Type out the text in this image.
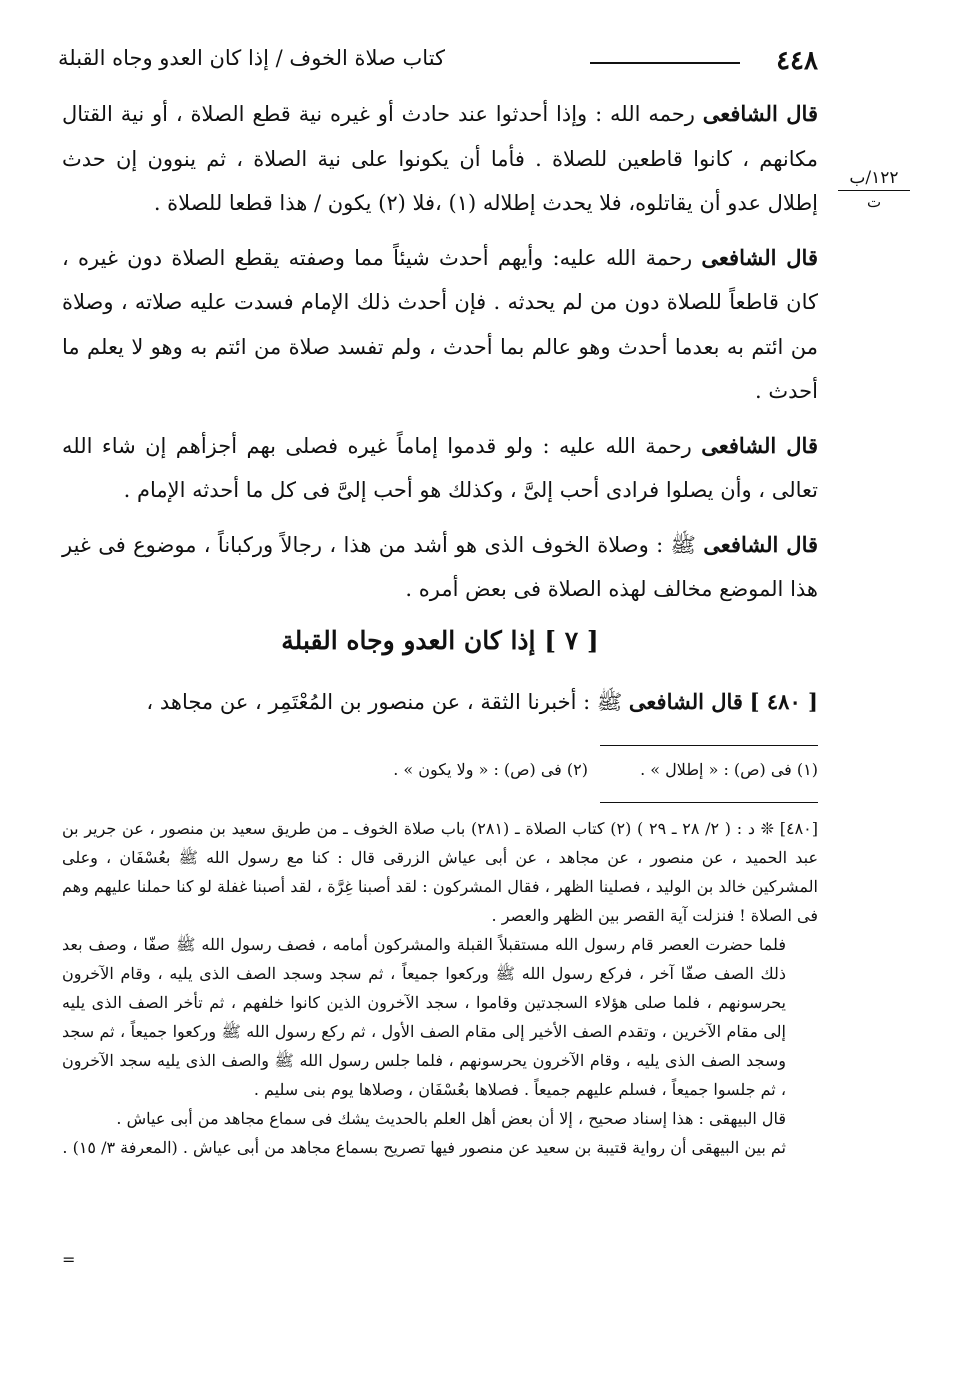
٤٤٨
كتاب صلاة الخوف / إذا كان العدو وجاه القبلة
١٢٢/ب
ت

قال الشافعى رحمه الله : وإذا أحدثوا عند حادث أو غيره نية قطع الصلاة ، أو نية القتال مكانهم ، كانوا قاطعين للصلاة . فأما أن يكونوا على نية الصلاة ، ثم ينوون إن حدث إطلال عدو أن يقاتلوه، فلا يحدث إطلاله (١) ،فلا (٢) يكون / هذا قطعا للصلاة .

قال الشافعى رحمة الله عليه: وأيهم أحدث شيئاً مما وصفته يقطع الصلاة دون غيره ، كان قاطعاً للصلاة دون من لم يحدثه . فإن أحدث ذلك الإمام فسدت عليه صلاته ، وصلاة من ائتم به بعدما أحدث وهو عالم بما أحدث ، ولم تفسد صلاة من ائتم به وهو لا يعلم ما أحدث .

قال الشافعى رحمة الله عليه : ولو قدموا إماماً غيره فصلى بهم أجزأهم إن شاء الله تعالى ، وأن يصلوا فرادى أحب إلىَّ ، وكذلك هو أحب إلىَّ فى كل ما أحدثه الإمام .

قال الشافعى ﷺ : وصلاة الخوف الذى هو أشد من هذا ، رجالاً وركباناً ، موضوع فى غير هذا الموضع مخالف لهذه الصلاة فى بعض أمره .

[ ٧ ] إذا كان العدو وجاه القبلة
[ ٤٨٠ ] قال الشافعى ﷺ : أخبرنا الثقة ، عن منصور بن المُعْتَمِر ، عن مجاهد ،
(١) فى (ص) : « إطلال » .
(٢) فى (ص) : « ولا يكون » .

[٤٨٠] ❊ د : ( ٢/ ٢٨ ـ ٢٩ ) (٢) كتاب الصلاة ـ (٢٨١) باب صلاة الخوف ـ من طريق سعيد بن منصور ، عن جرير بن عبد الحميد ، عن منصور ، عن مجاهد ، عن أبى عياش الزرقى قال : كنا مع رسول الله ﷺ بعُسْفَان ، وعلى المشركين خالد بن الوليد ، فصلينا الظهر ، فقال المشركون : لقد أصبنا غِرَّة ، لقد أصبنا غفلة لو كنا حملنا عليهم وهم فى الصلاة ! فنزلت آية القصر بين الظهر والعصر .

فلما حضرت العصر قام رسول الله مستقبلاً القبلة والمشركون أمامه ، فصف رسول الله ﷺ صفّا ، وصف بعد ذلك الصف صفّا آخر ، فركع رسول الله ﷺ وركعوا جميعاً ، ثم سجد وسجد الصف الذى يليه ، وقام الآخرون يحرسونهم ، فلما صلى هؤلاء السجدتين وقاموا ، سجد الآخرون الذين كانوا خلفهم ، ثم تأخر الصف الذى يليه إلى مقام الآخرين ، وتقدم الصف الأخير إلى مقام الصف الأول ، ثم ركع رسول الله ﷺ وركعوا جميعاً ، ثم سجد وسجد الصف الذى يليه ، وقام الآخرون يحرسونهم ، فلما جلس رسول الله ﷺ والصف الذى يليه سجد الآخرون ، ثم جلسوا جميعاً ، فسلم عليهم جميعاً . فصلاها بعُسْفَان ، وصلاها يوم بنى سليم .

قال البيهقى : هذا إسناد صحيح ، إلا أن بعض أهل العلم بالحديث يشك فى سماع مجاهد من أبى عياش .

ثم بين البيهقى أن رواية قتيبة بن سعيد عن منصور فيها تصريح بسماع مجاهد من أبى عياش . (المعرفة ٣/ ١٥) .

=
